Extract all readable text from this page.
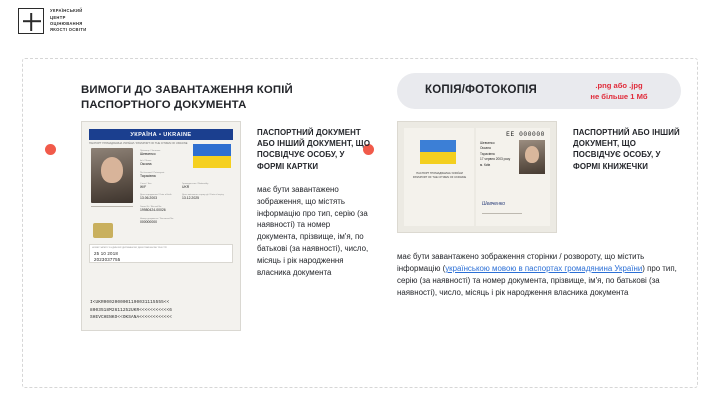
УКРАЇНСЬКИЙ
ЦЕНТР
ОЦІНЮВАННЯ
ЯКОСТІ ОСВІТИ
ВИМОГИ ДО ЗАВАНТАЖЕННЯ КОПІЙ ПАСПОРТНОГО ДОКУМЕНТА
КОПІЯ/ФОТОКОПІЯ	.png або .jpg
не більше 1 Мб
УКРАЇНА • UKRAINE
ПАСПОРТ ГРОМАДЯНИНА УКРАЇНИ / PASSPORT OF THE CITIZEN OF UKRAINE
Прізвище / Surname
Шевченко
Ім'я / Name
Оксана
По батькові / Patronymic
Тарасівна
Стать / Sex
Ж/F
Громадянство / Nationality
UKR
Дата народження / Date of birth
13.06.2003
Дата закінчення строку дії / Date of expiry
13.12.2025
Запис № / Record No.
19980424-00026
Номер документа / Document No.
000000000
НОМЕР ЗАПИСУ В ЄДИНОМУ ДЕРЖАВНОМУ ДЕМОГРАФІЧНОМУ РЕЄСТРІ
25 10 2018
2023037755
I<UKR0002000001190031115555<<
8003518M2611252UKR<<<<<<<<<<<6
SHEVCHENKO<<OKSANA<<<<<<<<<<<<
ПАСПОРТНИЙ ДОКУМЕНТ АБО ІНШИЙ ДОКУМЕНТ, ЩО ПОСВІДЧУЄ ОСОБУ, У ФОРМІ КАРТКИ
має бути завантажено зображення, що містять інформацію про тип, серію (за наявності) та номер документа, прізвище, ім'я, по батькові (за наявності), число, місяць і рік народження власника документа
ПАСПОРТ ГРОМАДЯНИНА УКРАЇНИ PASSPORT OF THE CITIZEN OF UKRAINE
ЕЕ 000000
Шевченко
Оксана
Тарасівна
17 червня 2003 року
м. Київ
Шевченко
ПАСПОРТНИЙ АБО ІНШИЙ ДОКУМЕНТ, ЩО ПОСВІДЧУЄ ОСОБУ, У ФОРМІ КНИЖЕЧКИ
має бути завантажено зображення сторінки / розвороту, що містить інформацію (українською мовою в паспортах громадянина України) про тип, серію (за наявності) та номер документа, прізвище, ім'я, по батькові (за наявності), число, місяць і рік народження власника документа
